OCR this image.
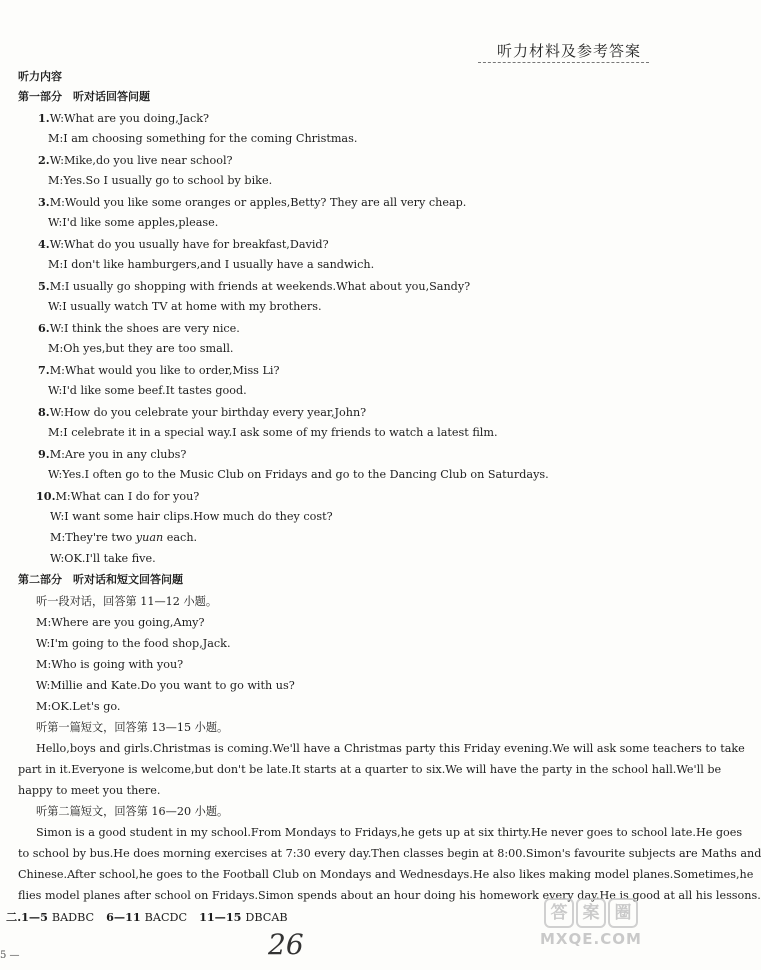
听力材料及参考答案
听力内容
第一部分　听对话回答问题
1.W:What are you doing,Jack?
M:I am choosing something for the coming Christmas.
2.W:Mike,do you live near school?
M:Yes.So I usually go to school by bike.
3.M:Would you like some oranges or apples,Betty? They are all very cheap.
W:I'd like some apples,please.
4.W:What do you usually have for breakfast,David?
M:I don't like hamburgers,and I usually have a sandwich.
5.M:I usually go shopping with friends at weekends.What about you,Sandy?
W:I usually watch TV at home with my brothers.
6.W:I think the shoes are very nice.
M:Oh yes,but they are too small.
7.M:What would you like to order,Miss Li?
W:I'd like some beef.It tastes good.
8.W:How do you celebrate your birthday every year,John?
M:I celebrate it in a special way.I ask some of my friends to watch a latest film.
9.M:Are you in any clubs?
W:Yes.I often go to the Music Club on Fridays and go to the Dancing Club on Saturdays.
10.M:What can I do for you?
W:I want some hair clips.How much do they cost?
M:They're two yuan each.
W:OK.I'll take five.
第二部分　听对话和短文回答问题
听一段对话，回答第 11—12 小题。
M:Where are you going,Amy?
W:I'm going to the food shop,Jack.
M:Who is going with you?
W:Millie and Kate.Do you want to go with us?
M:OK.Let's go.
听第一篇短文，回答第 13—15 小题。
Hello,boys and girls.Christmas is coming.We'll have a Christmas party this Friday evening.We will ask some teachers to take
part in it.Everyone is welcome,but don't be late.It starts at a quarter to six.We will have the party in the school hall.We'll be
happy to meet you there.
听第二篇短文，回答第 16—20 小题。
Simon is a good student in my school.From Mondays to Fridays,he gets up at six thirty.He never goes to school late.He goes
to school by bus.He does morning exercises at 7:30 every day.Then classes begin at 8:00.Simon's favourite subjects are Maths and
Chinese.After school,he goes to the Football Club on Mondays and Wednesdays.He also likes making model planes.Sometimes,he
flies model planes after school on Fridays.Simon spends about an hour doing his homework every day.He is good at all his lessons.
二.1—5 BADBC 6—11 BACDC 11—15 DBCAB
26
5 —
答 案 圈
MXQE.COM
